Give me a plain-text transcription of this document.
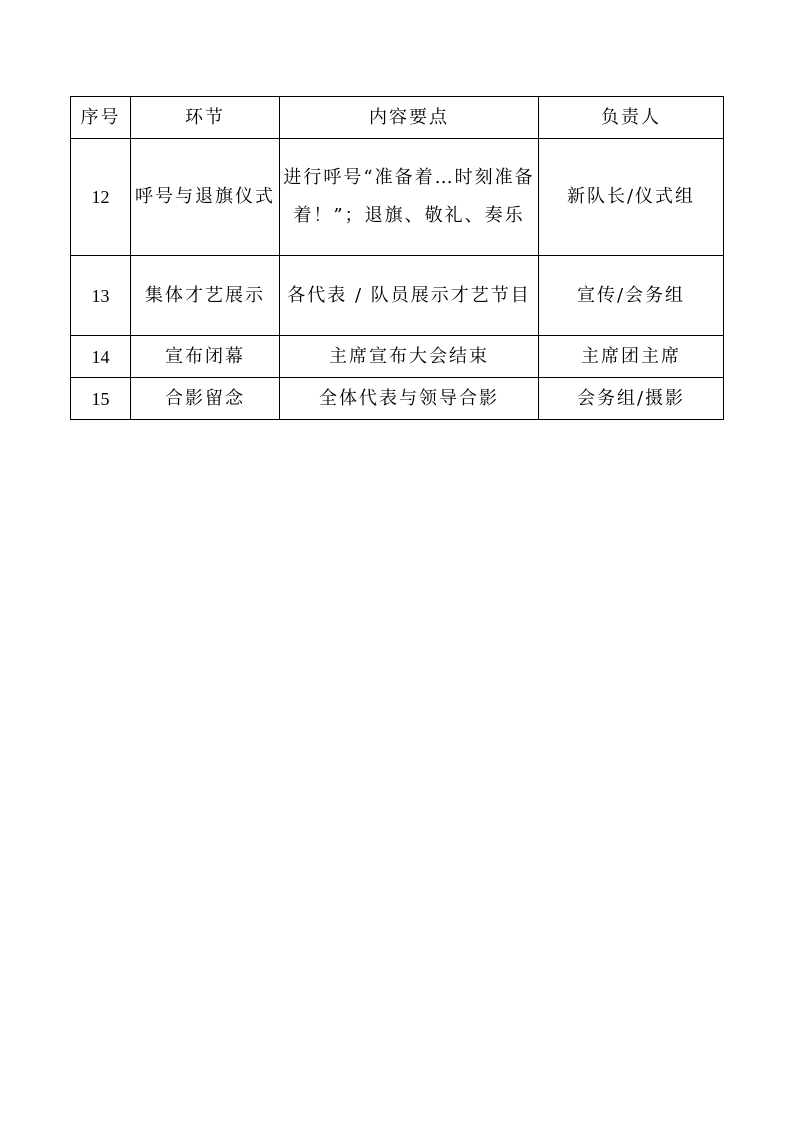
序号	环节	内容要点	负责人
12	呼号与退旗仪式	进行呼号“准备着…时刻准备着！”；退旗、敬礼、奏乐	新队长/仪式组
13	集体才艺展示	各代表 / 队员展示才艺节目	宣传/会务组
14	宣布闭幕	主席宣布大会结束	主席团主席
15	合影留念	全体代表与领导合影	会务组/摄影
